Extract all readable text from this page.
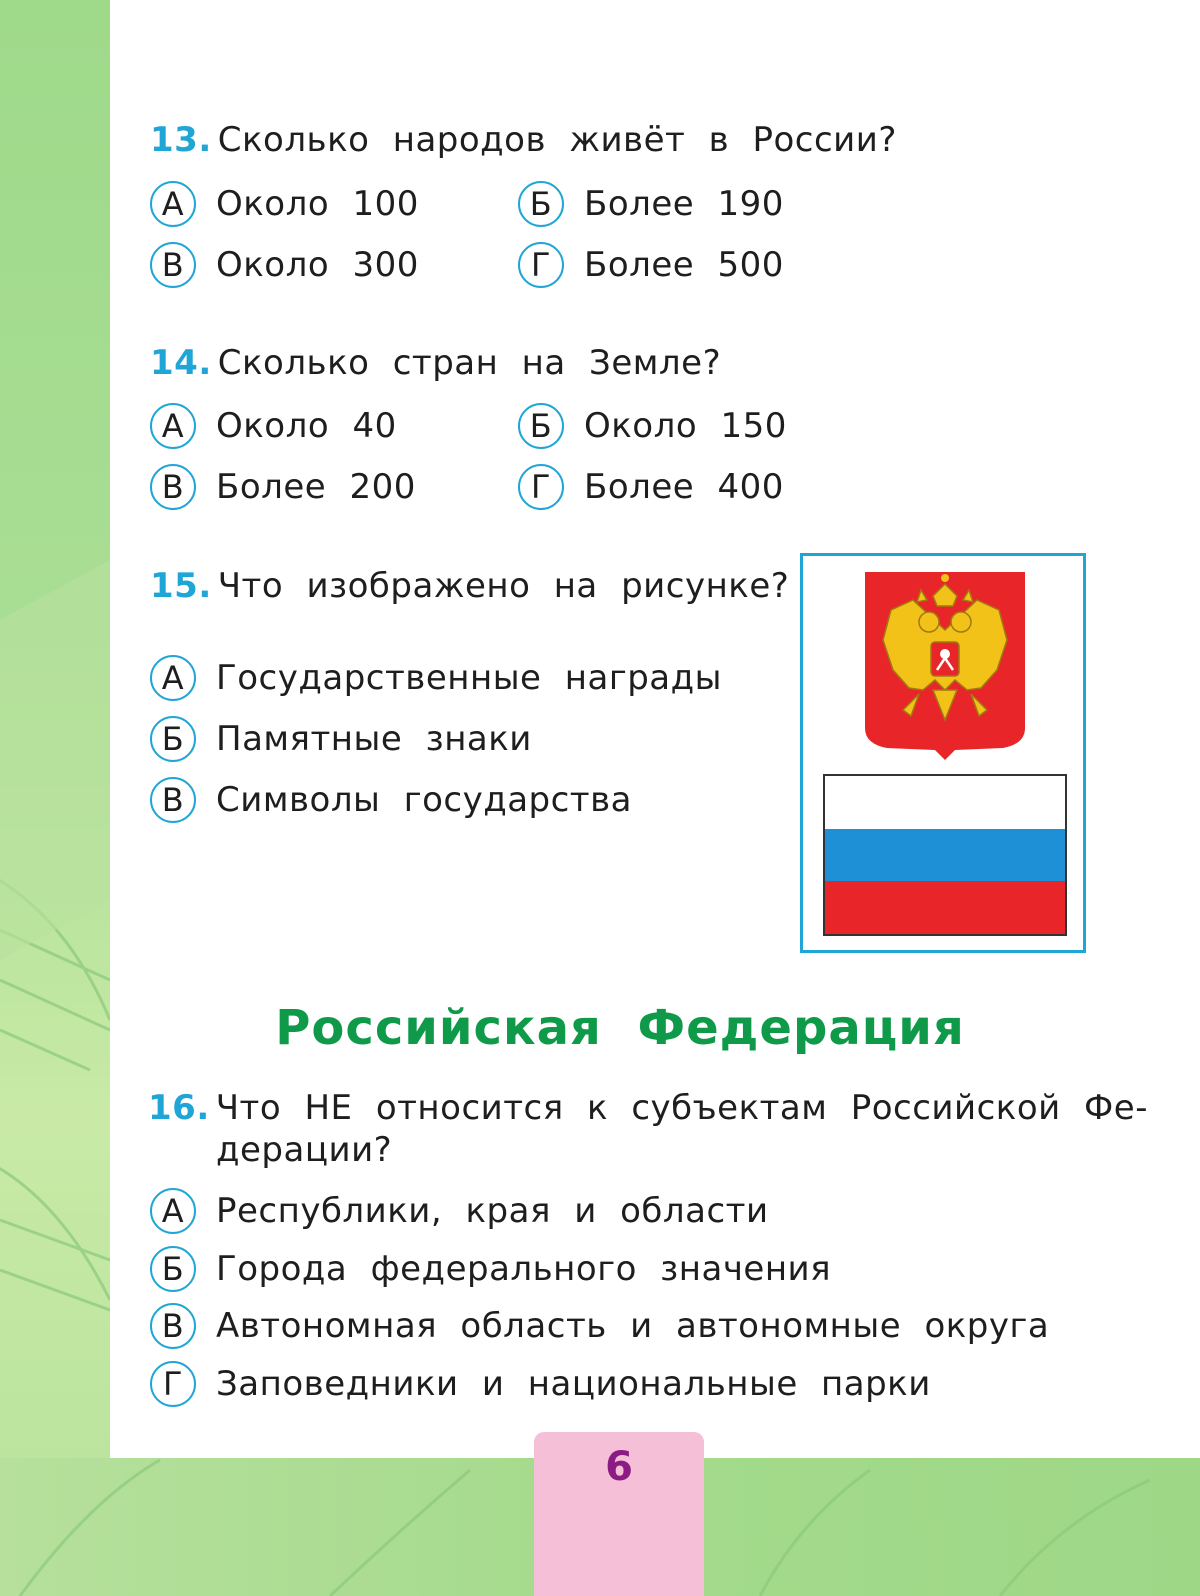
13. Сколько народов живёт в России?
А Около 100	Б Более 190
В Около 300	Г Более 500
14. Сколько стран на Земле?
А Около 40	Б Около 150
В Более 200	Г Более 400
15. Что изображено на рисунке?
А Государственные награды
Б Памятные знаки
В Символы государства
Российская Федерация
16. Что НЕ относится к субъектам Российской Фе-
дерации?
А Республики, края и области
Б Города федерального значения
В Автономная область и автономные округа
Г Заповедники и национальные парки
6
